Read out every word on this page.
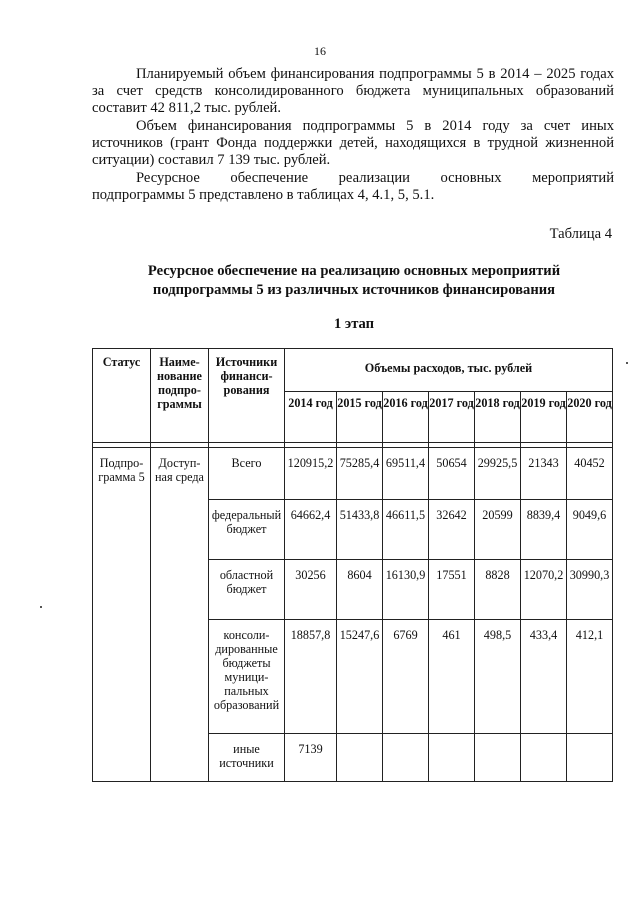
16
Планируемый объем финансирования подпрограммы 5 в 2014 – 2025 годах за счет средств консолидированного бюджета муниципальных образований составит 42 811,2 тыс. рублей.
Объем финансирования подпрограммы 5 в 2014 году за счет иных источников (грант Фонда поддержки детей, находящихся в трудной жизненной ситуации) составил 7 139 тыс. рублей.
Ресурсное обеспечение реализации основных мероприятий
подпрограммы 5 представлено в таблицах 4, 4.1, 5, 5.1.
Таблица 4
Ресурсное обеспечение на реализацию основных мероприятий
подпрограммы 5 из различных источников финансирования
1 этап
Статус	Наиме-нование подпро-граммы	Источники финанси-рования	Объемы расходов, тыс. рублей						

			2014 год	2015 год	2016 год	2017 год	2018 год	2019 год	2020 год

Подпро-грамма 5	Доступ-ная среда	Всего	120915,2	75285,4	69511,4	50654	29925,5	21343	40452

		федеральный бюджет	64662,4	51433,8	46611,5	32642	20599	8839,4	9049,6

		областной бюджет	30256	8604	16130,9	17551	8828	12070,2	30990,3

		консоли-дированные бюджеты муници-пальных образований	18857,8	15247,6	6769	461	498,5	433,4	412,1

		иные источники	7139						
